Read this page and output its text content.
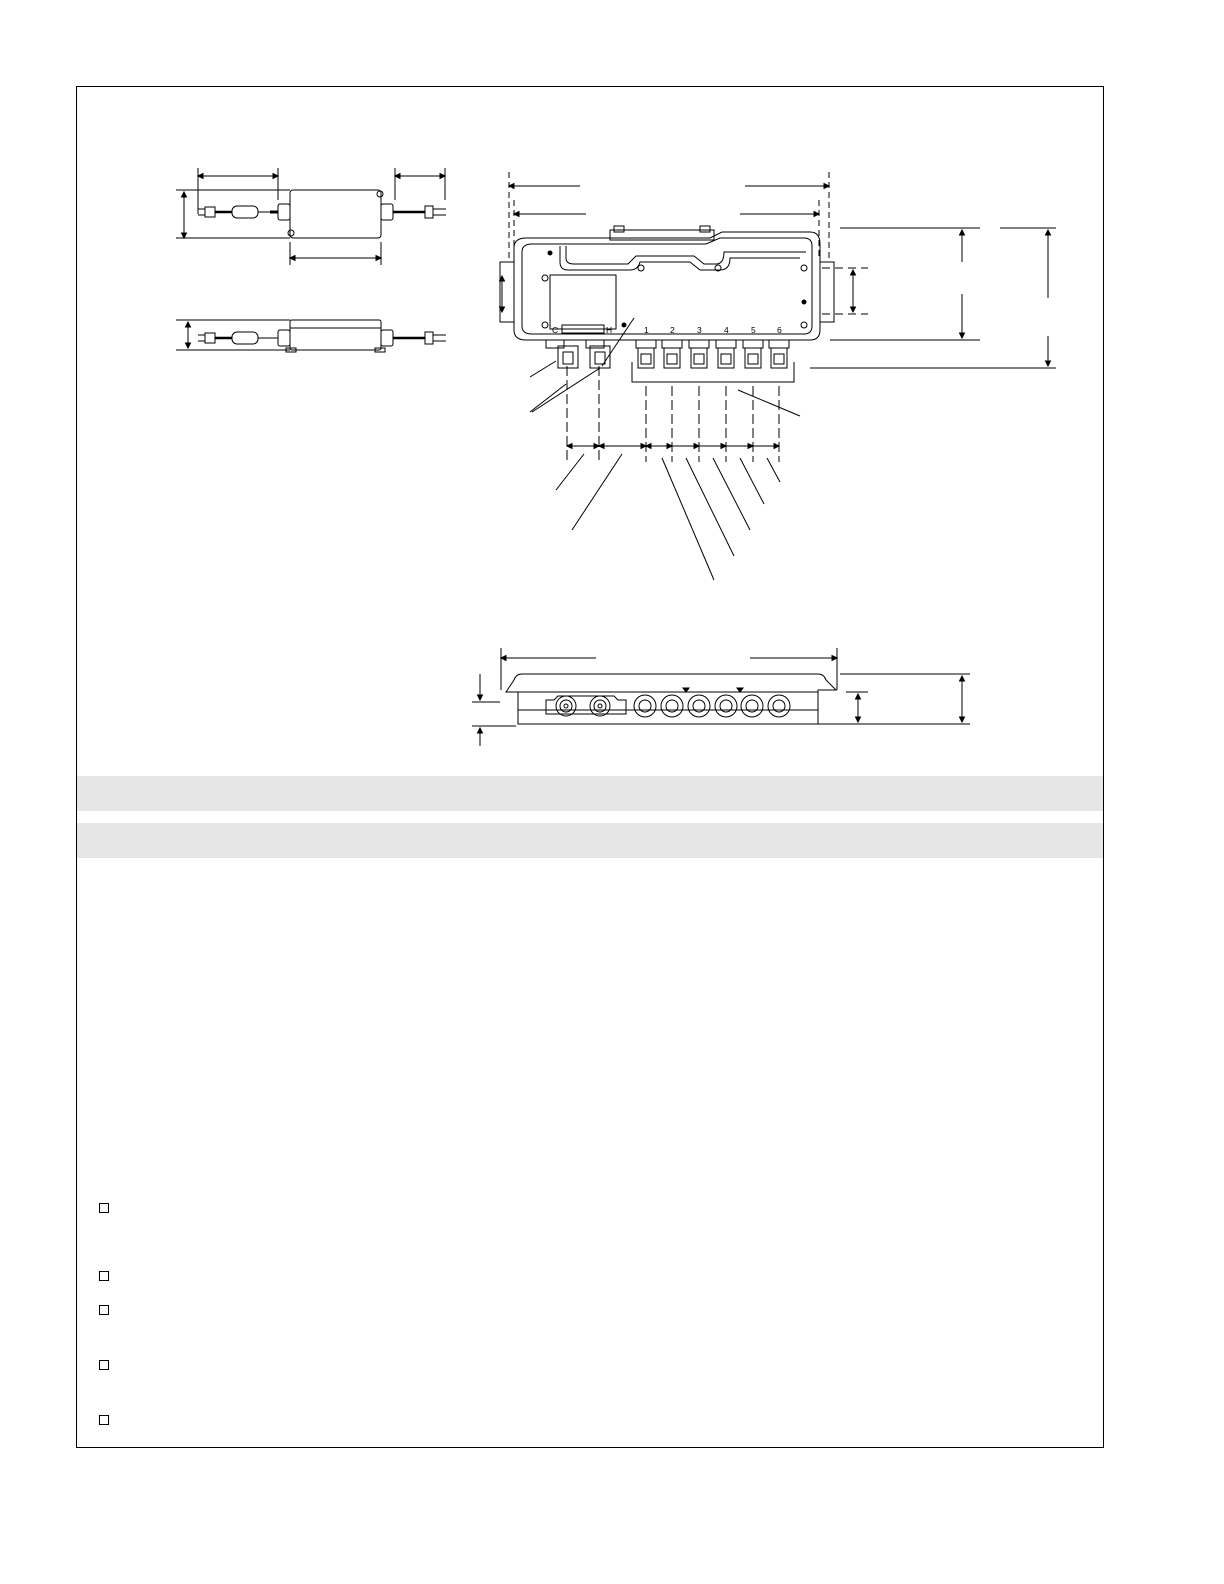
C	H	1	2	3	4	5	6
